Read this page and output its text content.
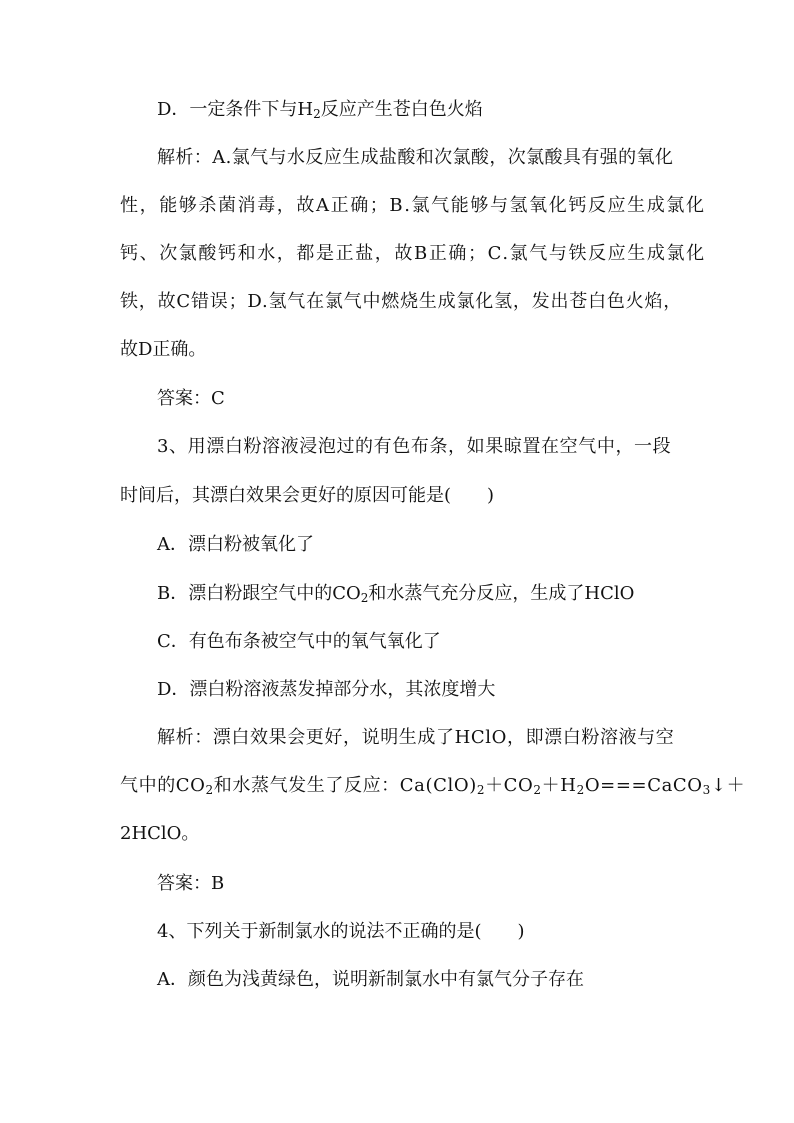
D．一定条件下与$H_2$反应产生苍白色火焰
解析：A.氯气与水反应生成盐酸和次氯酸，次氯酸具有强的氧化
性，能够杀菌消毒，故A正确；B.氯气能够与氢氧化钙反应生成氯化
钙、次氯酸钙和水，都是正盐，故B正确；C.氯气与铁反应生成氯化
铁，故C错误；D.氢气在氯气中燃烧生成氯化氢，发出苍白色火焰，
故D正确。
答案：C
3、用漂白粉溶液浸泡过的有色布条，如果晾置在空气中，一段
时间后，其漂白效果会更好的原因可能是(　　)
A．漂白粉被氧化了
B．漂白粉跟空气中的$CO_2$和水蒸气充分反应，生成了HClO
C．有色布条被空气中的氧气氧化了
D．漂白粉溶液蒸发掉部分水，其浓度增大
解析：漂白效果会更好，说明生成了HClO，即漂白粉溶液与空
气中的$CO_2$和水蒸气发生了反应：$Ca(ClO)_2+CO_2+H_2O===CaCO_3↓+$
2HClO。
答案：B
4、下列关于新制氯水的说法不正确的是(　　)
A．颜色为浅黄绿色，说明新制氯水中有氯气分子存在
